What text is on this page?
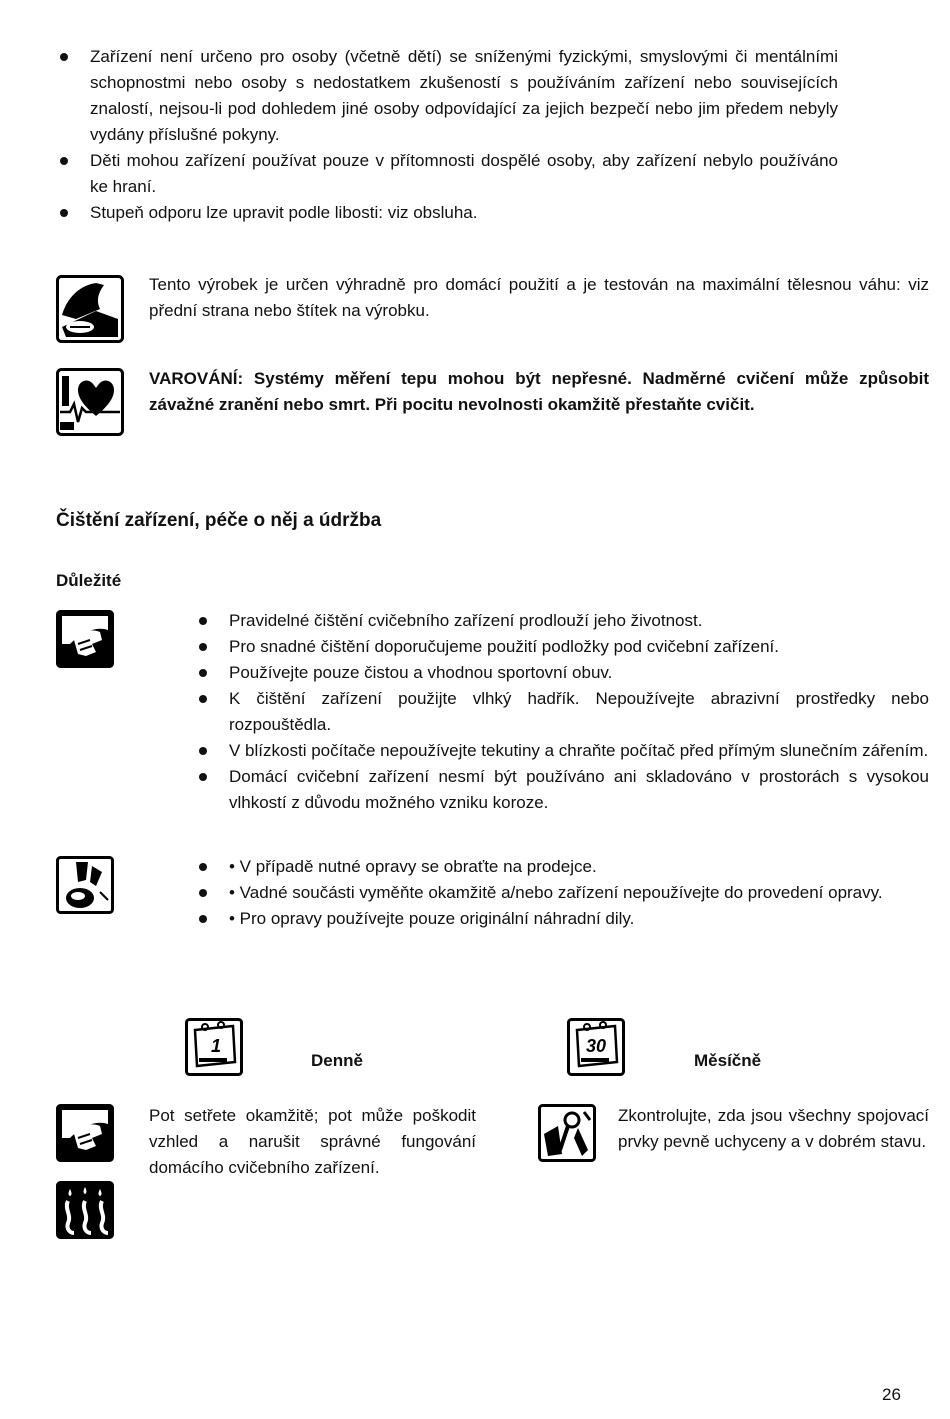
Zařízení není určeno pro osoby (včetně dětí) se sníženými fyzickými, smyslovými či mentálními schopnostmi nebo osoby s nedostatkem zkušeností s používáním zařízení nebo souvisejících znalostí, nejsou-li pod dohledem jiné osoby odpovídající za jejich bezpečí nebo jim předem nebyly vydány příslušné pokyny.
Děti mohou zařízení používat pouze v přítomnosti dospělé osoby, aby zařízení nebylo používáno ke hraní.
Stupeň odporu lze upravit podle libosti: viz obsluha.

Tento výrobek je určen výhradně pro domácí použití a je testován na maximální tělesnou váhu: viz přední strana nebo štítek na výrobku.

VAROVÁNÍ: Systémy měření tepu mohou být nepřesné. Nadměrné cvičení může způsobit závažné zranění nebo smrt. Při pocitu nevolnosti okamžitě přestaňte cvičit.

Čištění zařízení, péče o něj a údržba
Důležité
Pravidelné čištění cvičebního zařízení prodlouží jeho životnost.
Pro snadné čištění doporučujeme použití podložky pod cvičební zařízení.
Používejte pouze čistou a vhodnou sportovní obuv.
K čištění zařízení použijte vlhký hadřík. Nepoužívejte abrazivní prostředky nebo rozpouštědla.
V blízkosti počítače nepoužívejte tekutiny a chraňte počítač před přímým slunečním zářením.
Domácí cvičební zařízení nesmí být používáno ani skladováno v prostorách s vysokou vlhkostí z důvodu možného vzniku koroze.
• V případě nutné opravy se obraťte na prodejce.
• Vadné součásti vyměňte okamžitě a/nebo zařízení nepoužívejte do provedení opravy.
• Pro opravy používejte pouze originální náhradní dily.
1
Denně
30
Měsíčně

Pot setřete okamžitě; pot může poškodit vzhled a narušit správné fungování domácího cvičebního zařízení.

Zkontrolujte, zda jsou všechny spojovací prvky pevně uchyceny a v dobrém stavu.

26
